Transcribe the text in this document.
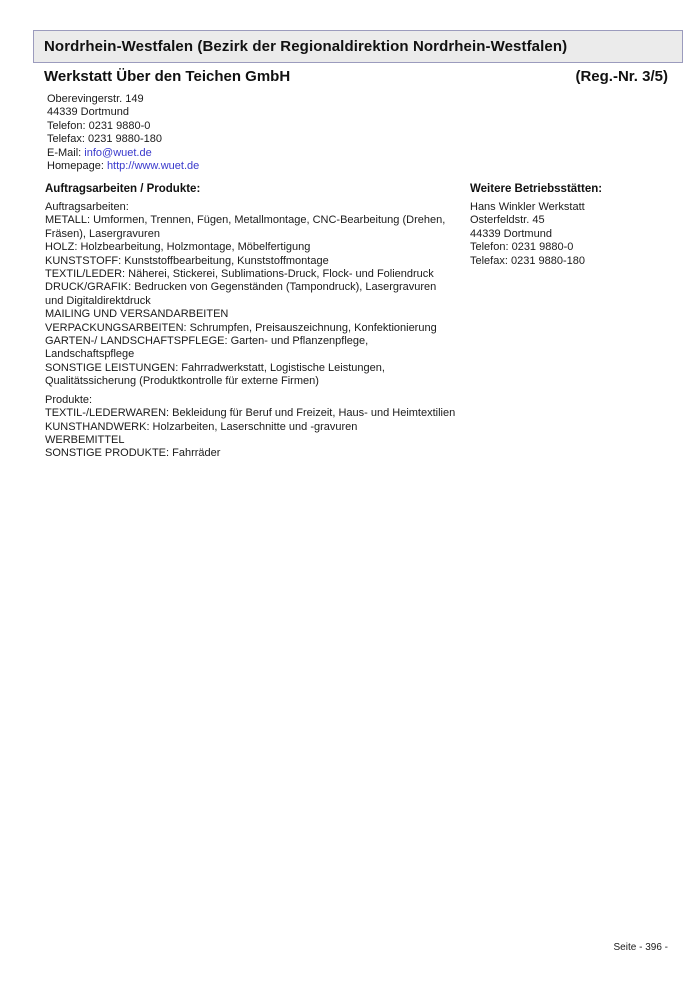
Nordrhein-Westfalen (Bezirk der Regionaldirektion Nordrhein-Westfalen)
Werkstatt Über den Teichen GmbH	(Reg.-Nr. 3/5)
Oberevingerstr. 149
44339 Dortmund
Telefon: 0231 9880-0
Telefax: 0231 9880-180
E-Mail: info@wuet.de
Homepage: http://www.wuet.de
Auftragsarbeiten / Produkte:
Auftragsarbeiten:
METALL: Umformen, Trennen, Fügen, Metallmontage, CNC-Bearbeitung (Drehen, Fräsen), Lasergravuren
HOLZ: Holzbearbeitung, Holzmontage, Möbelfertigung
KUNSTSTOFF: Kunststoffbearbeitung, Kunststoffmontage
TEXTIL/LEDER: Näherei, Stickerei, Sublimations-Druck, Flock- und Foliendruck
DRUCK/GRAFIK: Bedrucken von Gegenständen (Tampondruck), Lasergravuren und Digitaldirektdruck
MAILING UND VERSANDARBEITEN
VERPACKUNGSARBEITEN: Schrumpfen, Preisauszeichnung, Konfektionierung
GARTEN-/ LANDSCHAFTSPFLEGE: Garten- und Pflanzenpflege, Landschaftspflege
SONSTIGE LEISTUNGEN: Fahrradwerkstatt, Logistische Leistungen, Qualitätssicherung (Produktkontrolle für externe Firmen)
Produkte:
TEXTIL-/LEDERWAREN: Bekleidung für Beruf und Freizeit, Haus- und Heimtextilien
KUNSTHANDWERK: Holzarbeiten, Laserschnitte und -gravuren
WERBEMITTEL
SONSTIGE PRODUKTE: Fahrräder
Weitere Betriebsstätten:
Hans Winkler Werkstatt
Osterfeldstr. 45
44339 Dortmund
Telefon: 0231 9880-0
Telefax: 0231 9880-180
Seite - 396 -
